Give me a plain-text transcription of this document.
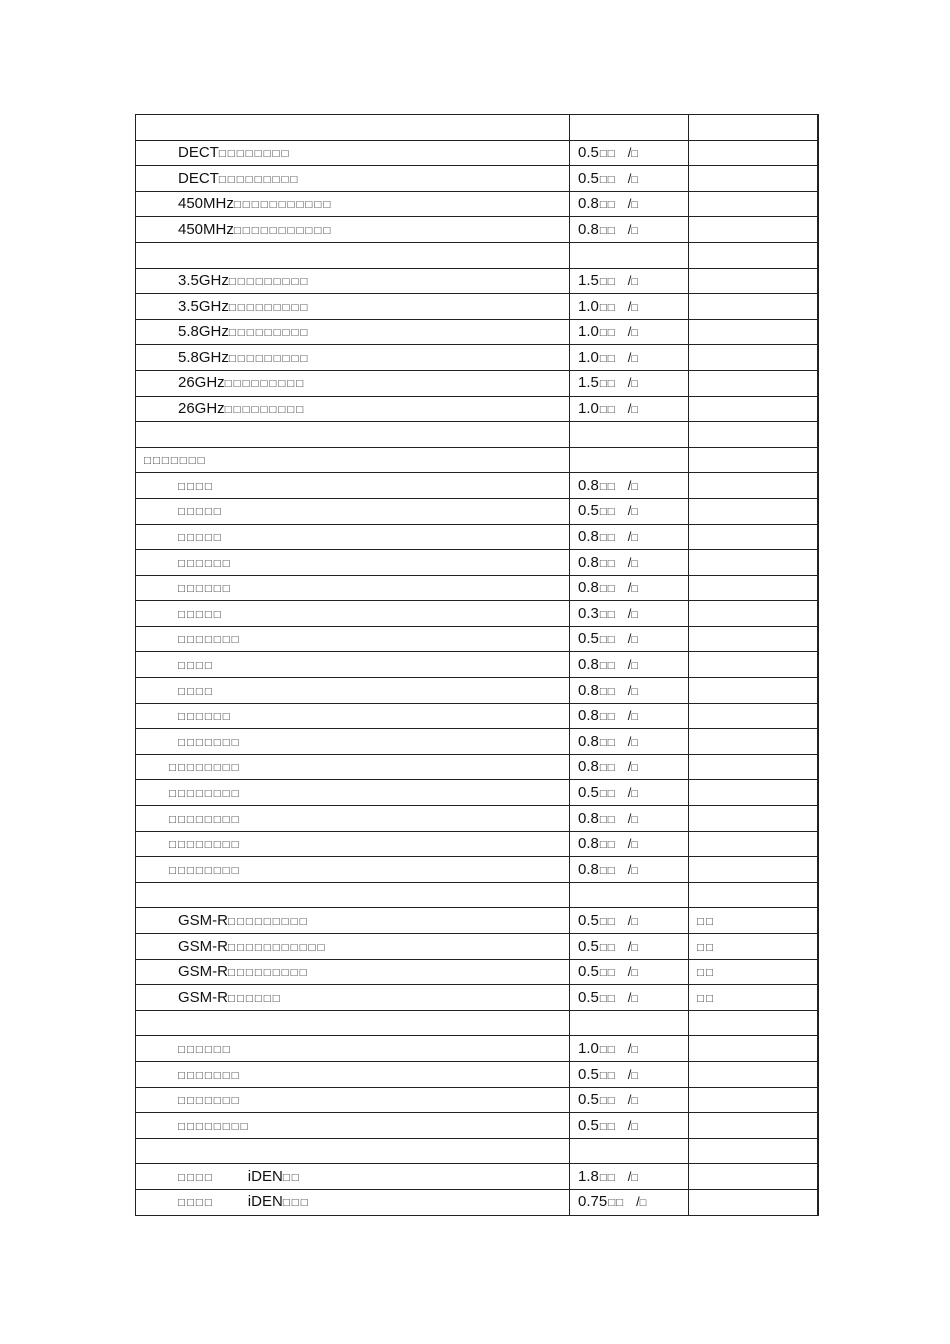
DECT□□□□□□□□	0.5□□ /□	
DECT□□□□□□□□□	0.5□□ /□	
450MHz□□□□□□□□□□□	0.8□□ /□	
450MHz□□□□□□□□□□□	0.8□□ /□	

3.5GHz□□□□□□□□□	1.5□□ /□	
3.5GHz□□□□□□□□□	1.0□□ /□	
5.8GHz□□□□□□□□□	1.0□□ /□	
5.8GHz□□□□□□□□□	1.0□□ /□	
26GHz□□□□□□□□□	1.5□□ /□	
26GHz□□□□□□□□□	1.0□□ /□	

□□□□□□□		
□□□□	0.8□□ /□	
□□□□□	0.5□□ /□	
□□□□□	0.8□□ /□	
□□□□□□	0.8□□ /□	
□□□□□□	0.8□□ /□	
□□□□□	0.3□□ /□	
□□□□□□□	0.5□□ /□	
□□□□	0.8□□ /□	
□□□□	0.8□□ /□	
□□□□□□	0.8□□ /□	
□□□□□□□	0.8□□ /□	
□□□□□□□□	0.8□□ /□	
□□□□□□□□	0.5□□ /□	
□□□□□□□□	0.8□□ /□	
□□□□□□□□	0.8□□ /□	
□□□□□□□□	0.8□□ /□	

GSM-R□□□□□□□□□	0.5□□ /□	□□
GSM-R□□□□□□□□□□□	0.5□□ /□	□□
GSM-R□□□□□□□□□	0.5□□ /□	□□
GSM-R□□□□□□	0.5□□ /□	□□

□□□□□□	1.0□□ /□	
□□□□□□□	0.5□□ /□	
□□□□□□□	0.5□□ /□	
□□□□□□□□	0.5□□ /□	

□□□□ iDEN□□	1.8□□ /□	
□□□□ iDEN□□□	0.75□□ /□	
